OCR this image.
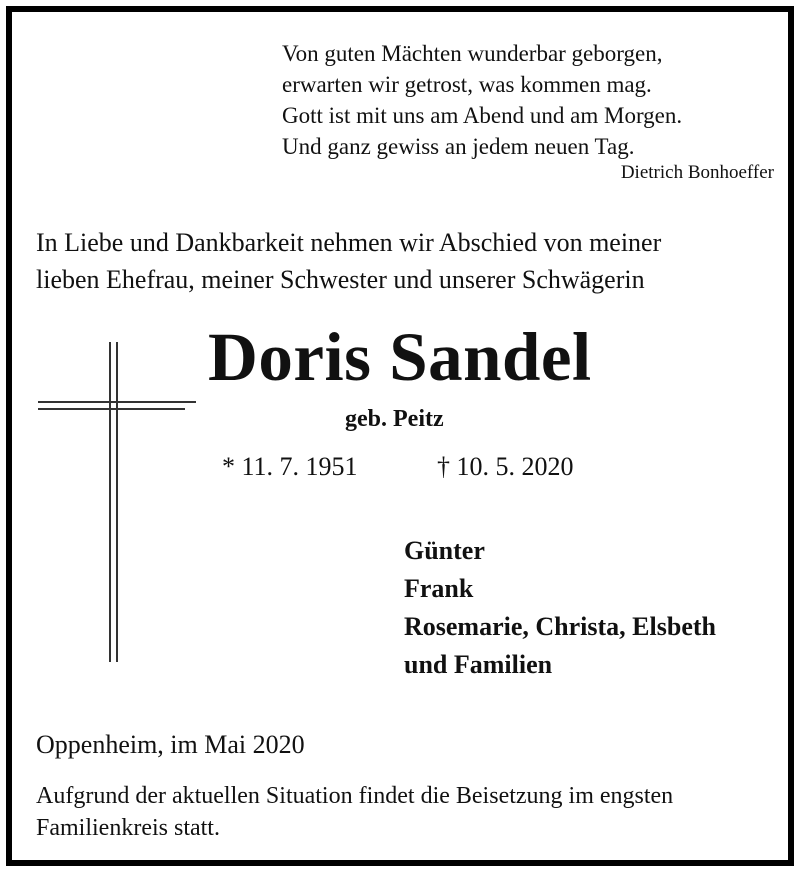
Von guten Mächten wunderbar geborgen,
erwarten wir getrost, was kommen mag.
Gott ist mit uns am Abend und am Morgen.
Und ganz gewiss an jedem neuen Tag.
Dietrich Bonhoeffer
In Liebe und Dankbarkeit nehmen wir Abschied von meiner
lieben Ehefrau, meiner Schwester und unserer Schwägerin
Doris Sandel
geb. Peitz
* 11. 7. 1951	† 10. 5. 2020
Günter
Frank
Rosemarie, Christa, Elsbeth
und Familien
Oppenheim, im Mai 2020
Aufgrund der aktuellen Situation findet die Beisetzung im engsten
Familienkreis statt.
